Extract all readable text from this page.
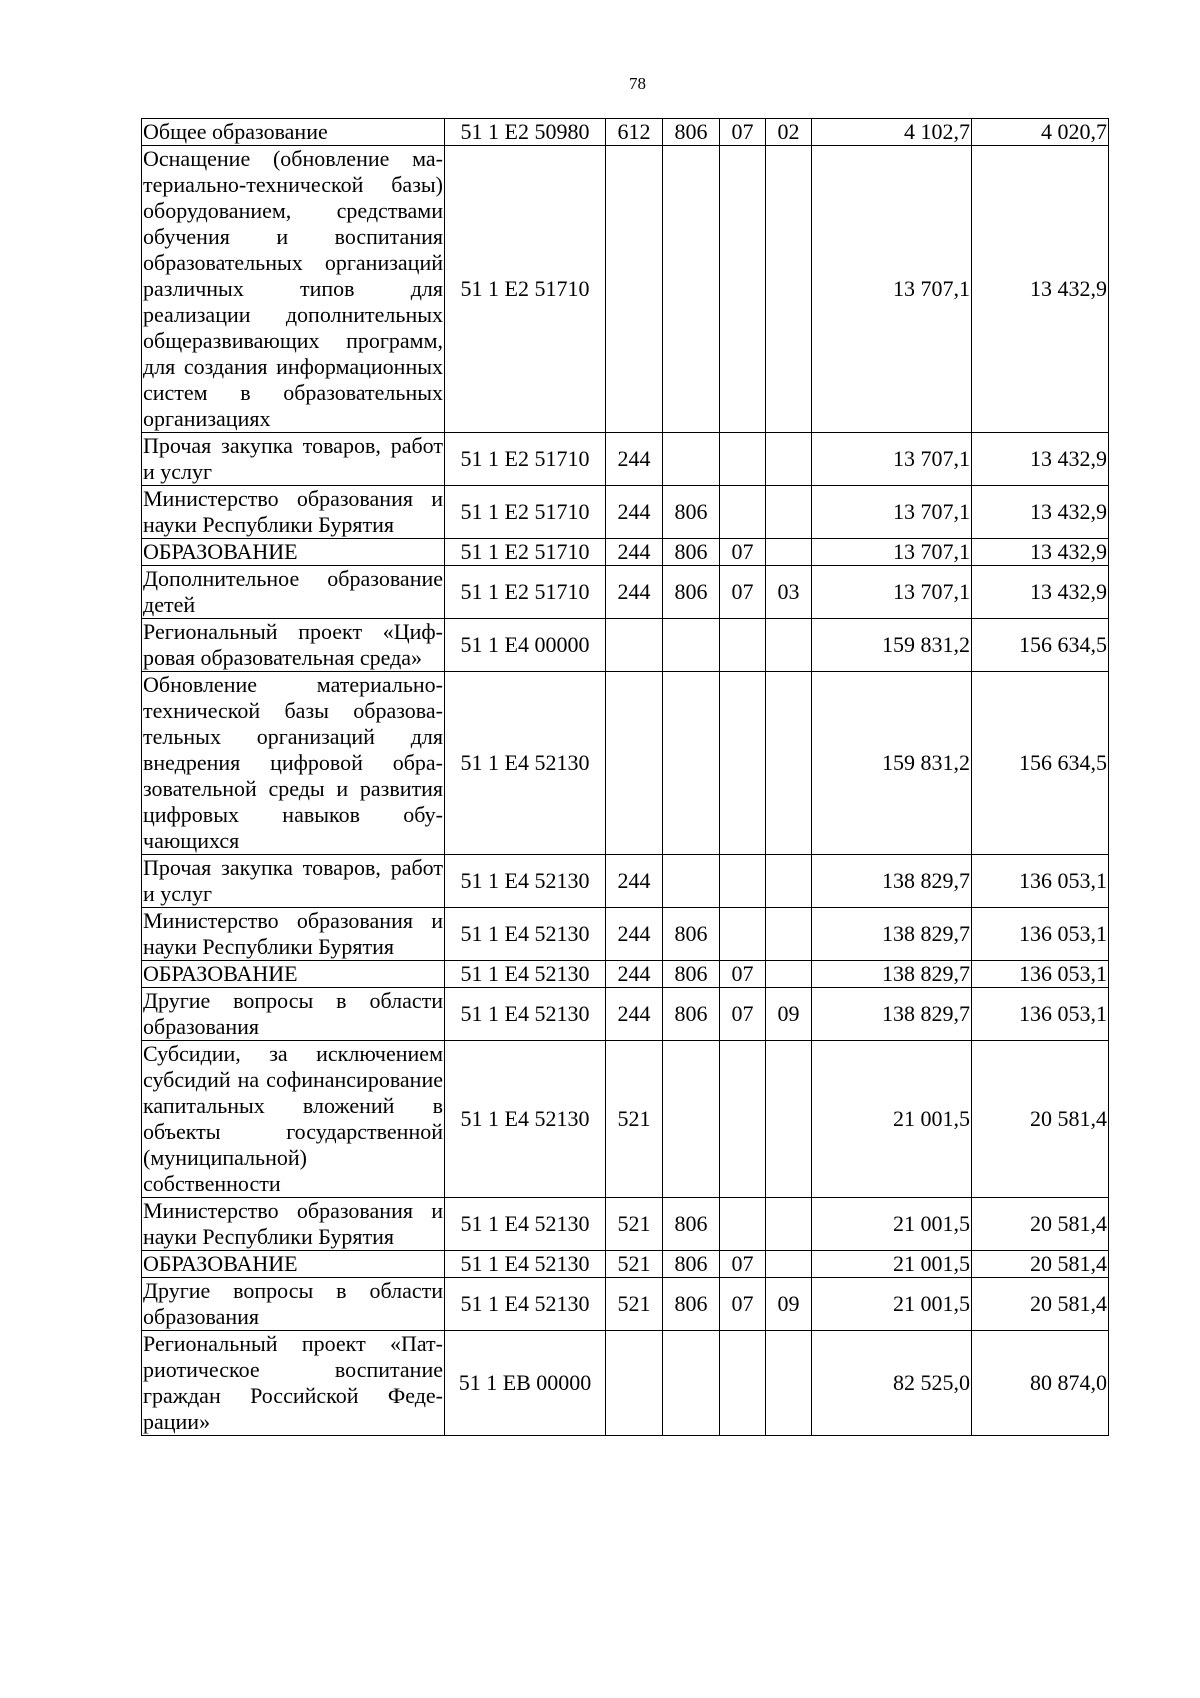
78
Общее образование	51 1 Е2 50980	612	806	07	02	4 102,7	4 020,7
Оснащение (обновление материально-технической базы) оборудованием, средствами обучения и воспитания образовательных организаций различных типов для реализации дополнительных общеразвивающих программ, для создания информационных систем в образовательных организациях	51 1 Е2 51710					13 707,1	13 432,9
Прочая закупка товаров, работ и услуг	51 1 Е2 51710	244				13 707,1	13 432,9
Министерство образования и науки Республики Бурятия	51 1 Е2 51710	244	806			13 707,1	13 432,9
ОБРАЗОВАНИЕ	51 1 Е2 51710	244	806	07		13 707,1	13 432,9
Дополнительное образование детей	51 1 Е2 51710	244	806	07	03	13 707,1	13 432,9
Региональный проект «Цифровая образовательная среда»	51 1 Е4 00000					159 831,2	156 634,5
Обновление материально-технической базы образовательных организаций для внедрения цифровой образовательной среды и развития цифровых навыков обучающихся	51 1 Е4 52130					159 831,2	156 634,5
Прочая закупка товаров, работ и услуг	51 1 Е4 52130	244				138 829,7	136 053,1
Министерство образования и науки Республики Бурятия	51 1 Е4 52130	244	806			138 829,7	136 053,1
ОБРАЗОВАНИЕ	51 1 Е4 52130	244	806	07		138 829,7	136 053,1
Другие вопросы в области образования	51 1 Е4 52130	244	806	07	09	138 829,7	136 053,1
Субсидии, за исключением субсидий на софинансирование капитальных вложений в объекты государственной (муниципальной) собственности	51 1 Е4 52130	521				21 001,5	20 581,4
Министерство образования и науки Республики Бурятия	51 1 Е4 52130	521	806			21 001,5	20 581,4
ОБРАЗОВАНИЕ	51 1 Е4 52130	521	806	07		21 001,5	20 581,4
Другие вопросы в области образования	51 1 Е4 52130	521	806	07	09	21 001,5	20 581,4
Региональный проект «Патриотическое воспитание граждан Российской Федерации»	51 1 ЕВ 00000					82 525,0	80 874,0
